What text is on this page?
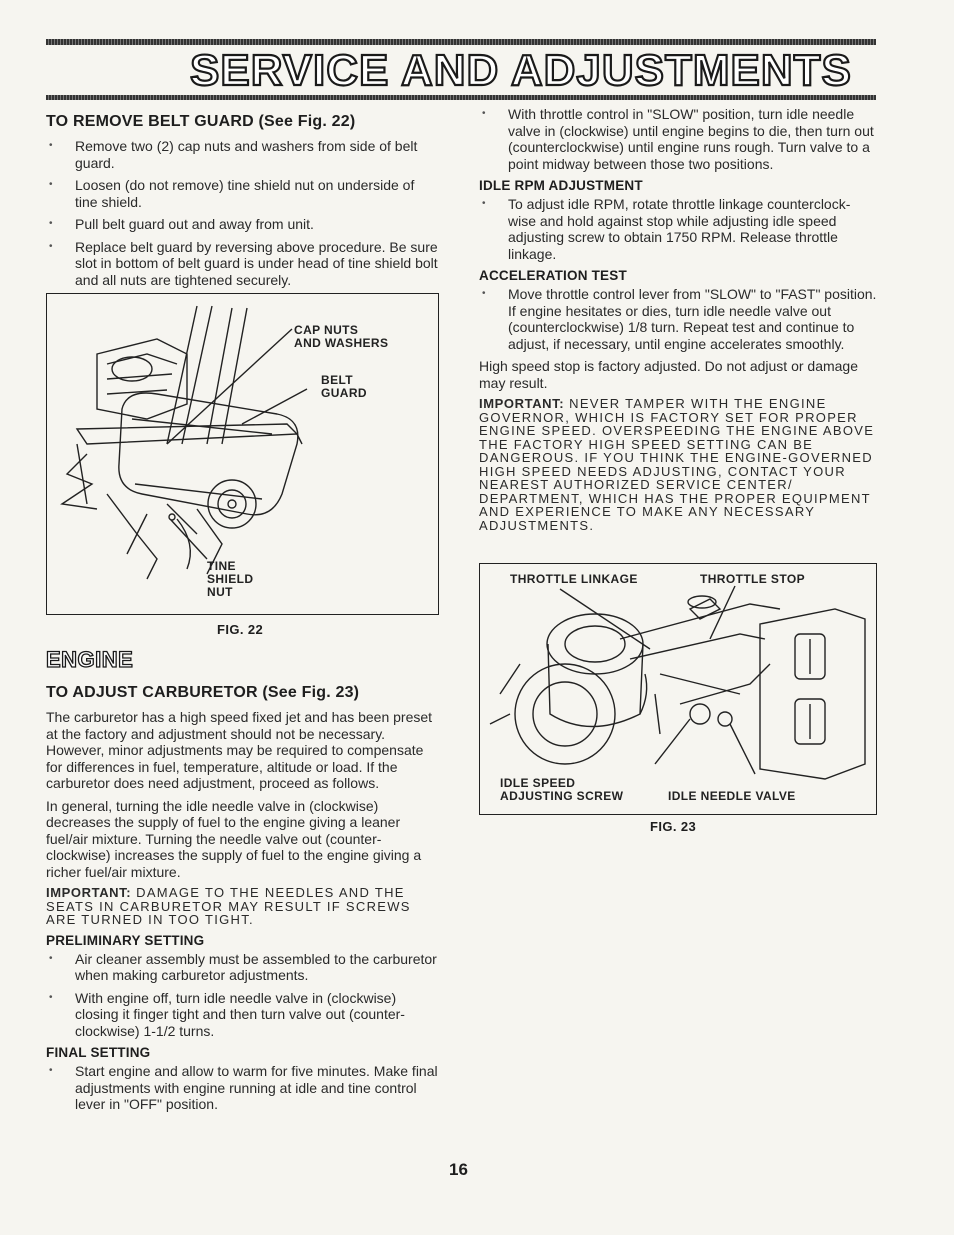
SERVICE AND ADJUSTMENTS
TO REMOVE BELT GUARD (See Fig. 22)
• Remove two (2) cap nuts and washers from side of belt guard.
• Loosen (do not remove) tine shield nut on underside of tine shield.
• Pull belt guard out and away from unit.
• Replace belt guard by reversing above procedure. Be sure slot in bottom of belt guard is under head of tine shield bolt and all nuts are tightened securely.
CAP NUTS
AND WASHERS
BELT
GUARD
TINE
SHIELD
NUT
FIG. 22
ENGINE
TO ADJUST CARBURETOR (See Fig. 23)

The carburetor has a high speed fixed jet and has been preset at the factory and adjustment should not be necessary. However, minor adjustments may be required to compensate for differences in fuel, temperature, altitude or load. If the carburetor does need adjustment, proceed as follows.

In general, turning the idle needle valve in (clockwise) decreases the supply of fuel to the engine giving a leaner fuel/air mixture. Turning the needle valve out (counter-clockwise) increases the supply of fuel to the engine giving a richer fuel/air mixture.

IMPORTANT: DAMAGE TO THE NEEDLES AND THE SEATS IN CARBURETOR MAY RESULT IF SCREWS ARE TURNED IN TOO TIGHT.

PRELIMINARY SETTING
• Air cleaner assembly must be assembled to the carburetor when making carburetor adjustments.
• With engine off, turn idle needle valve in (clockwise) closing it finger tight and then turn valve out (counter-clockwise) 1-1/2 turns.
FINAL SETTING
• Start engine and allow to warm for five minutes. Make final adjustments with engine running at idle and tine control lever in "OFF" position.
• With throttle control in "SLOW" position, turn idle needle valve in (clockwise) until engine begins to die, then turn out (counterclockwise) until engine runs rough. Turn valve to a point midway between those two positions.
IDLE RPM ADJUSTMENT
• To adjust idle RPM, rotate throttle linkage counterclock-wise and hold against stop while adjusting idle speed adjusting screw to obtain 1750 RPM. Release throttle linkage.
ACCELERATION TEST
• Move throttle control lever from "SLOW" to "FAST" position. If engine hesitates or dies, turn idle needle valve out (counterclockwise) 1/8 turn. Repeat test and continue to adjust, if necessary, until engine accelerates smoothly.

High speed stop is factory adjusted. Do not adjust or damage may result.

IMPORTANT: NEVER TAMPER WITH THE ENGINE GOVERNOR, WHICH IS FACTORY SET FOR PROPER ENGINE SPEED. OVERSPEEDING THE ENGINE ABOVE THE FACTORY HIGH SPEED SETTING CAN BE DANGEROUS. IF YOU THINK THE ENGINE-GOVERNED HIGH SPEED NEEDS ADJUSTING, CONTACT YOUR NEAREST AUTHORIZED SERVICE CENTER/ DEPARTMENT, WHICH HAS THE PROPER EQUIPMENT AND EXPERIENCE TO MAKE ANY NECESSARY ADJUSTMENTS.

THROTTLE LINKAGE	THROTTLE STOP
IDLE SPEED
ADJUSTING SCREW	IDLE NEEDLE VALVE
FIG. 23
16
